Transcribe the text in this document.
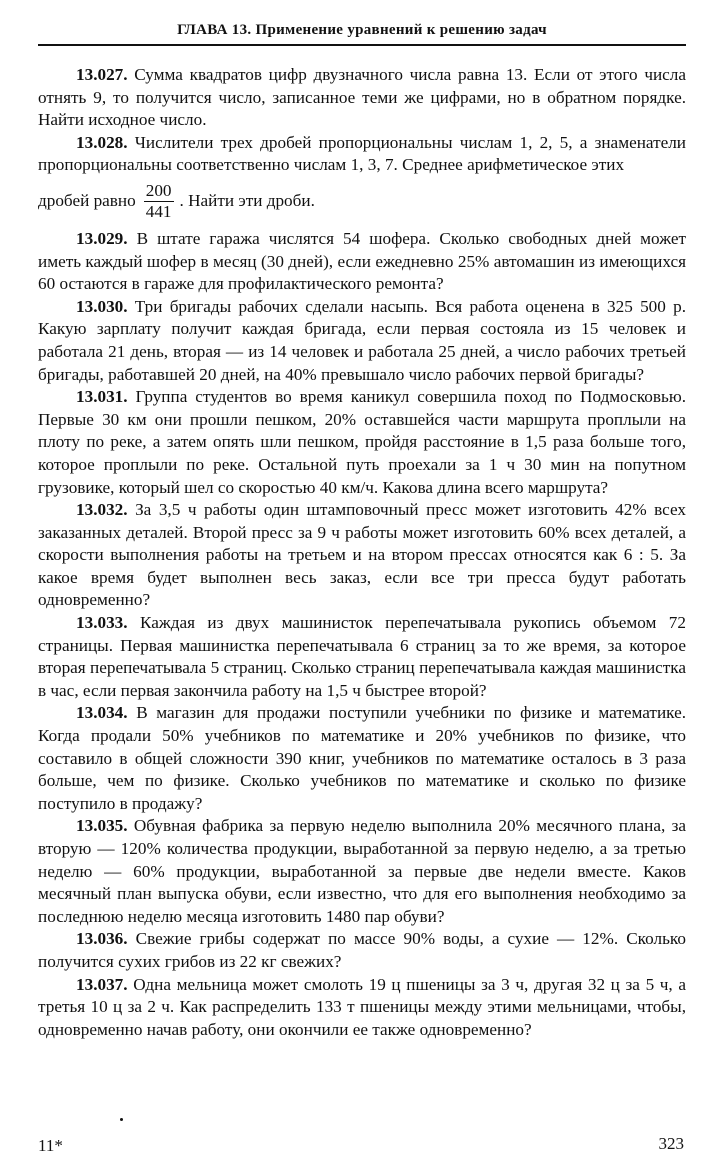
ГЛАВА 13. Применение уравнений к решению задач

13.027. Сумма квадратов цифр двузначного числа равна 13. Если от этого числа отнять 9, то получится число, записанное теми же цифрами, но в обратном порядке. Найти исходное число.

13.028. Числители трех дробей пропорциональны числам 1, 2, 5, а знаменатели пропорциональны соответственно числам 1, 3, 7. Среднее арифметическое этих

дробей равно $\frac{200}{441}$ . Найти эти дроби.

13.029. В штате гаража числятся 54 шофера. Сколько свободных дней может иметь каждый шофер в месяц (30 дней), если ежедневно 25% автомашин из имеющихся 60 остаются в гараже для профилактического ремонта?

13.030. Три бригады рабочих сделали насыпь. Вся работа оценена в 325 500 р. Какую зарплату получит каждая бригада, если первая состояла из 15 человек и работала 21 день, вторая — из 14 человек и работала 25 дней, а число рабочих третьей бригады, работавшей 20 дней, на 40% превышало число рабочих первой бригады?

13.031. Группа студентов во время каникул совершила поход по Подмосковью. Первые 30 км они прошли пешком, 20% оставшейся части маршрута проплыли на плоту по реке, а затем опять шли пешком, пройдя расстояние в 1,5 раза больше того, которое проплыли по реке. Остальной путь проехали за 1 ч 30 мин на попутном грузовике, который шел со скоростью 40 км/ч. Какова длина всего маршрута?

13.032. За 3,5 ч работы один штамповочный пресс может изготовить 42% всех заказанных деталей. Второй пресс за 9 ч работы может изготовить 60% всех деталей, а скорости выполнения работы на третьем и на втором прессах относятся как 6 : 5. За какое время будет выполнен весь заказ, если все три пресса будут работать одновременно?

13.033. Каждая из двух машинисток перепечатывала рукопись объемом 72 страницы. Первая машинистка перепечатывала 6 страниц за то же время, за которое вторая перепечатывала 5 страниц. Сколько страниц перепечатывала каждая машинистка в час, если первая закончила работу на 1,5 ч быстрее второй?

13.034. В магазин для продажи поступили учебники по физике и математике. Когда продали 50% учебников по математике и 20% учебников по физике, что составило в общей сложности 390 книг, учебников по математике осталось в 3 раза больше, чем по физике. Сколько учебников по математике и сколько по физике поступило в продажу?

13.035. Обувная фабрика за первую неделю выполнила 20% месячного плана, за вторую — 120% количества продукции, выработанной за первую неделю, а за третью неделю — 60% продукции, выработанной за первые две недели вместе. Каков месячный план выпуска обуви, если известно, что для его выполнения необходимо за последнюю неделю месяца изготовить 1480 пар обуви?

13.036. Свежие грибы содержат по массе 90% воды, а сухие — 12%. Сколько получится сухих грибов из 22 кг свежих?

13.037. Одна мельница может смолоть 19 ц пшеницы за 3 ч, другая 32 ц за 5 ч, а третья 10 ц за 2 ч. Как распределить 133 т пшеницы между этими мельницами, чтобы, одновременно начав работу, они окончили ее также одновременно?

11*	323
